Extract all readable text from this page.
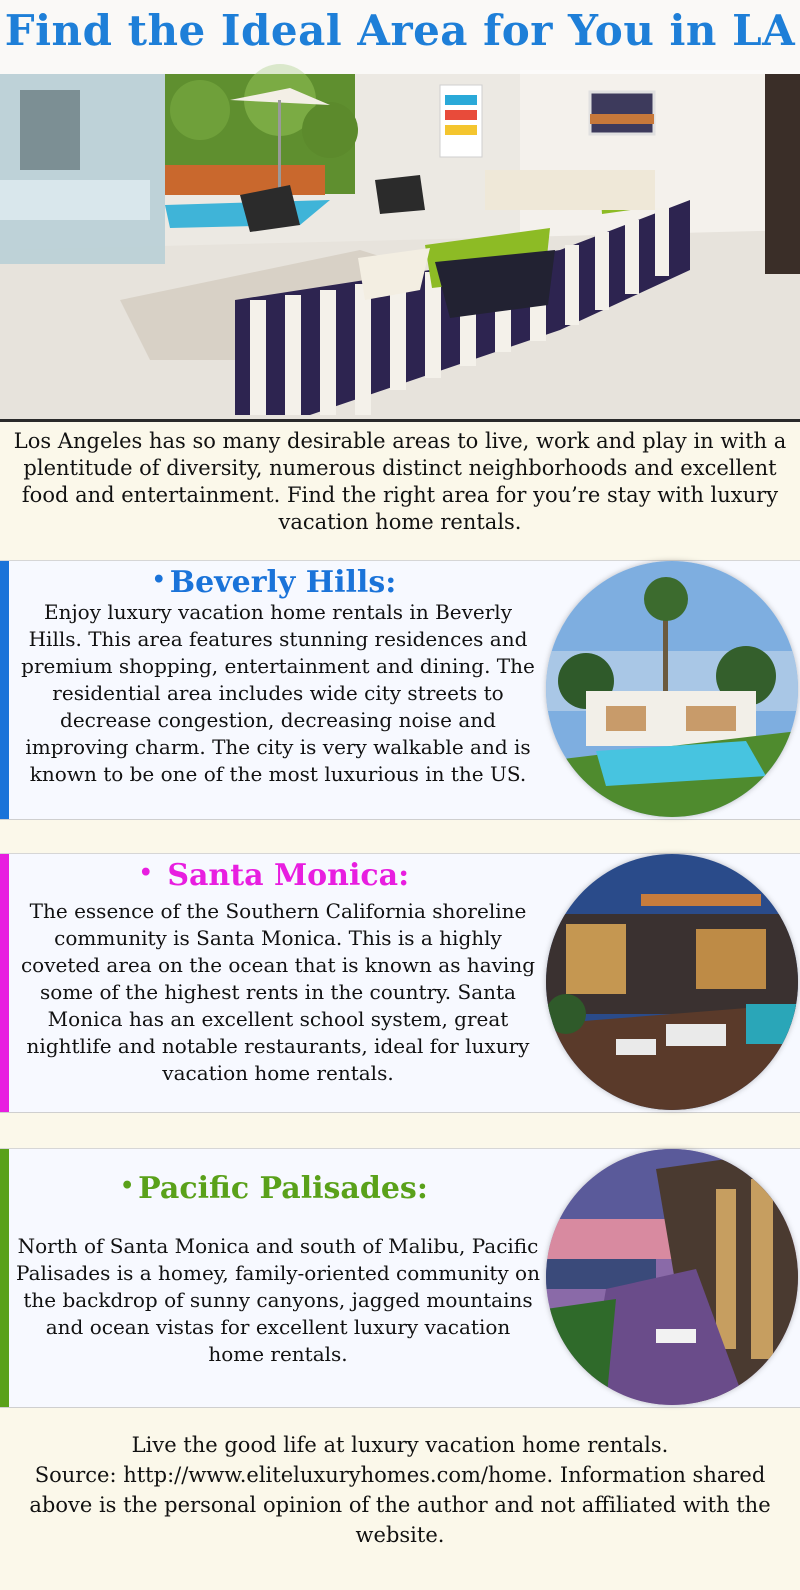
Find the Ideal Area for You in LA

Los Angeles has so many desirable areas to live, work and play in with a plentitude of diversity, numerous distinct neighborhoods and excellent food and entertainment. Find the right area for you’re stay with luxury vacation home rentals.

• Beverly Hills:

Enjoy luxury vacation home rentals in Beverly Hills. This area features stunning residences and premium shopping, entertainment and dining. The residential area includes wide city streets to decrease congestion, decreasing noise and improving charm. The city is very walkable and is known to be one of the most luxurious in the US.

• Santa Monica:

The essence of the Southern California shoreline community is Santa Monica. This is a highly coveted area on the ocean that is known as having some of the highest rents in the country. Santa Monica has an excellent school system, great nightlife and notable restaurants, ideal for luxury vacation home rentals.

• Pacific Palisades:

North of Santa Monica and south of Malibu, Pacific Palisades is a homey, family-oriented community on the backdrop of sunny canyons, jagged mountains and ocean vistas for excellent luxury vacation home rentals.

Live the good life at luxury vacation home rentals.
Source: http://www.eliteluxuryhomes.com/home. Information shared above is the personal opinion of the author and not affiliated with the website.
